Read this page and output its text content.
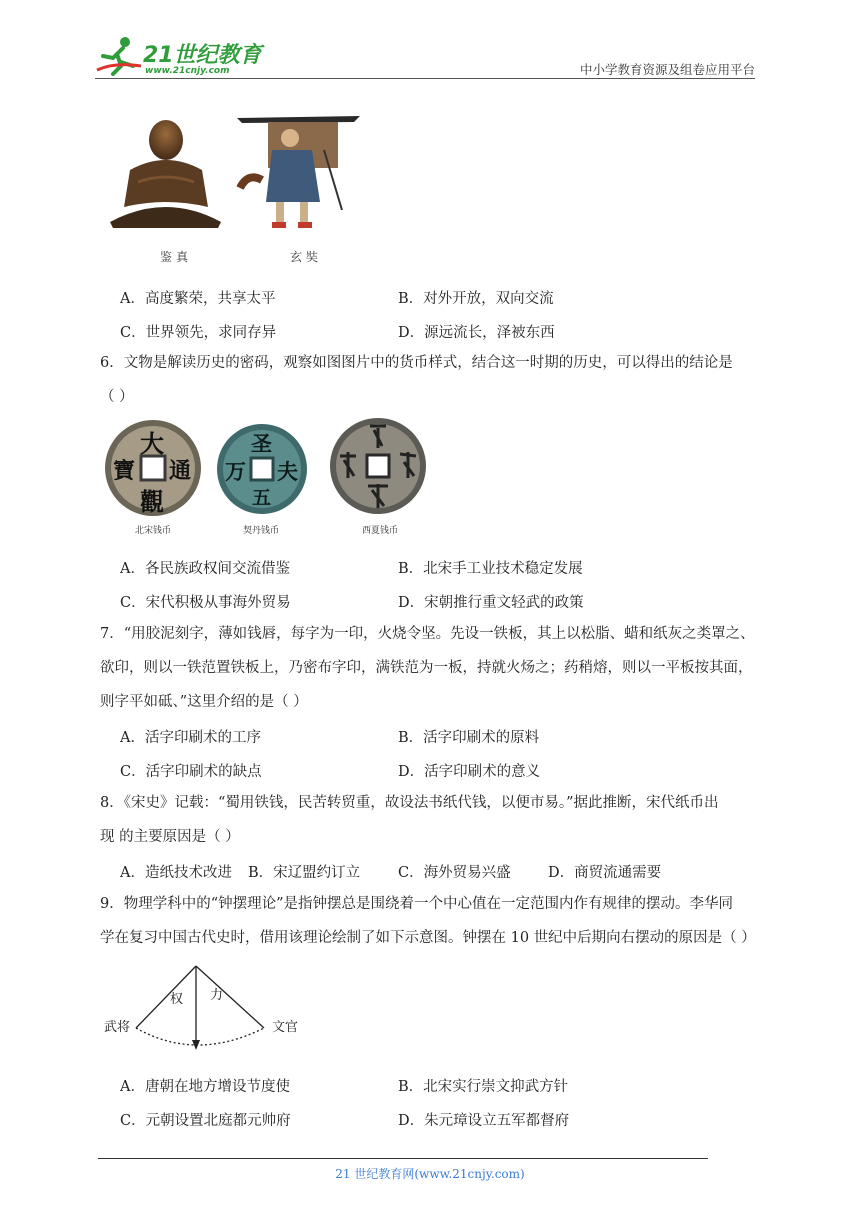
21世纪教育
www.21cnjy.com	中小学教育资源及组卷应用平台
鉴真	玄奘
A．高度繁荣，共享太平	B．对外开放，双向交流
C．世界领先，求同存异	D．源远流长，泽被东西
6．文物是解读历史的密码，观察如图图片中的货币样式，结合这一时期的历史，可以得出的结论是
（ ）
大
通
觀
寶
北宋钱币
圣
夫
五
万
契丹钱币	西夏钱币
A．各民族政权间交流借鉴	B．北宋手工业技术稳定发展
C．宋代积极从事海外贸易	D．宋朝推行重文轻武的政策
7．“用胶泥刻字，薄如钱唇，每字为一印，火烧令坚。先设一铁板，其上以松脂、蜡和纸灰之类罩之、
欲印，则以一铁范置铁板上，乃密布字印，满铁范为一板，持就火炀之；药稍熔，则以一平板按其面，
则字平如砥、”这里介绍的是（ ）
A．活字印刷术的工序	B．活字印刷术的原料
C．活字印刷术的缺点	D．活字印刷术的意义
8．《宋史》记载：“蜀用铁钱，民苦转贸重，故设法书纸代钱，以便市易。”据此推断，宋代纸币出
现 的主要原因是（ ）
A．造纸技术改进 B．宋辽盟约订立	C．海外贸易兴盛	D．商贸流通需要
9．物理学科中的“钟摆理论”是指钟摆总是围绕着一个中心值在一定范围内作有规律的摆动。李华同
学在复习中国古代史时，借用该理论绘制了如下示意图。钟摆在 10 世纪中后期向右摆动的原因是（ ）
武将	文官
权 力
A．唐朝在地方增设节度使	B．北宋实行崇文抑武方针
C．元朝设置北庭都元帅府	D．朱元璋设立五军都督府
21 世纪教育网(www.21cnjy.com)
